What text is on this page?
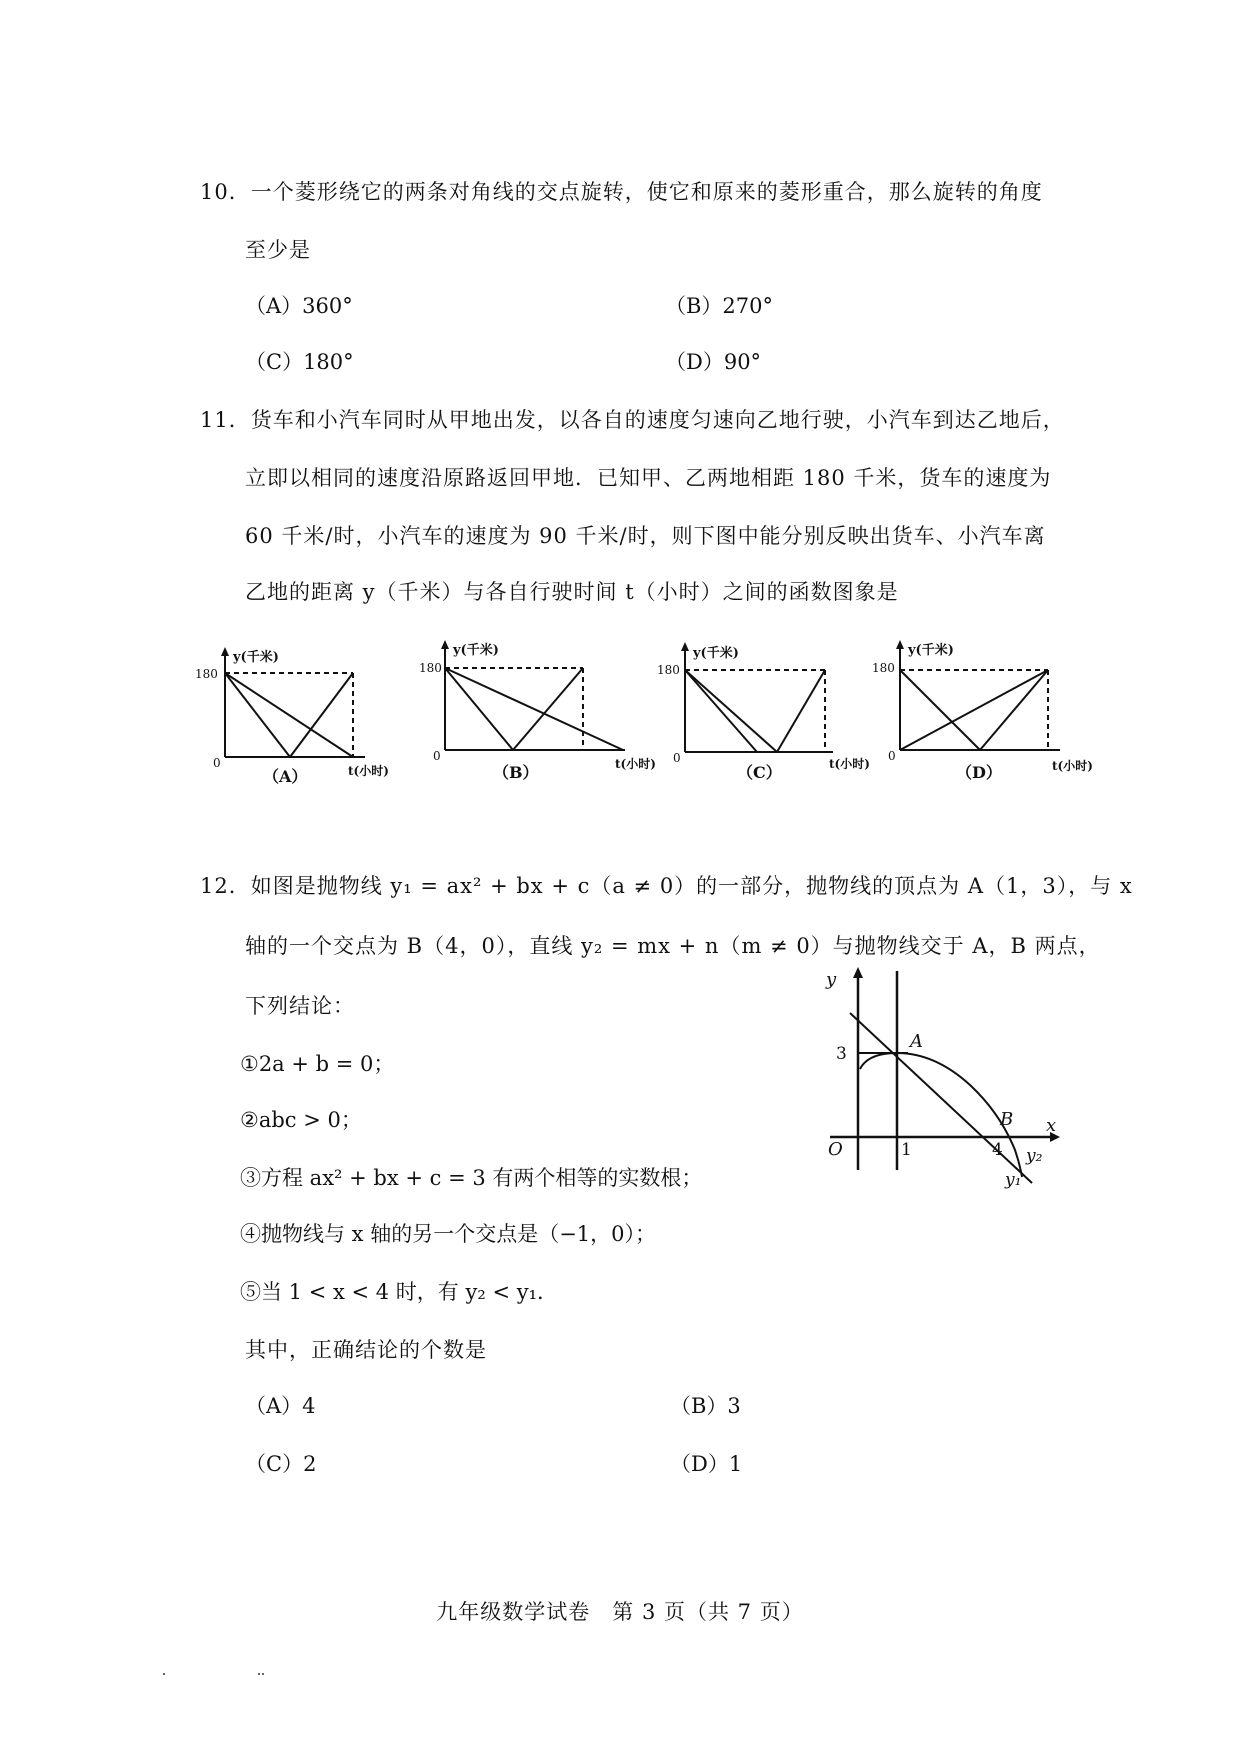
10．一个菱形绕它的两条对角线的交点旋转，使它和原来的菱形重合，那么旋转的角度
至少是
（A）360°	（B）270°
（C）180°	（D）90°
11．货车和小汽车同时从甲地出发，以各自的速度匀速向乙地行驶，小汽车到达乙地后，
立即以相同的速度沿原路返回甲地．已知甲、乙两地相距 180 千米，货车的速度为
60 千米/时，小汽车的速度为 90 千米/时，则下图中能分别反映出货车、小汽车离
乙地的距离 y（千米）与各自行驶时间 t（小时）之间的函数图象是
y(千米)
180
0
t(小时)
（A）
y(千米)
180
0
t(小时)
（B）
y(千米)
180
0	t(小时)
（C）
y(千米)
180
0
t(小时)
（D）
12．如图是抛物线 y₁ = ax² + bx + c（a ≠ 0）的一部分，抛物线的顶点为 A（1，3），与 x
轴的一个交点为 B（4，0），直线 y₂ = mx + n（m ≠ 0）与抛物线交于 A，B 两点，
下列结论：
①2a + b = 0；
②abc > 0；
③方程 ax² + bx + c = 3 有两个相等的实数根；
④抛物线与 x 轴的另一个交点是（−1，0）；
⑤当 1 < x < 4 时，有 y₂ < y₁．
其中，正确结论的个数是
（A）4	（B）3
（C）2	（D）1
y
x
O	1
3
4
A
B
y₂
y₁
九年级数学试卷　第 3 页（共 7 页）
